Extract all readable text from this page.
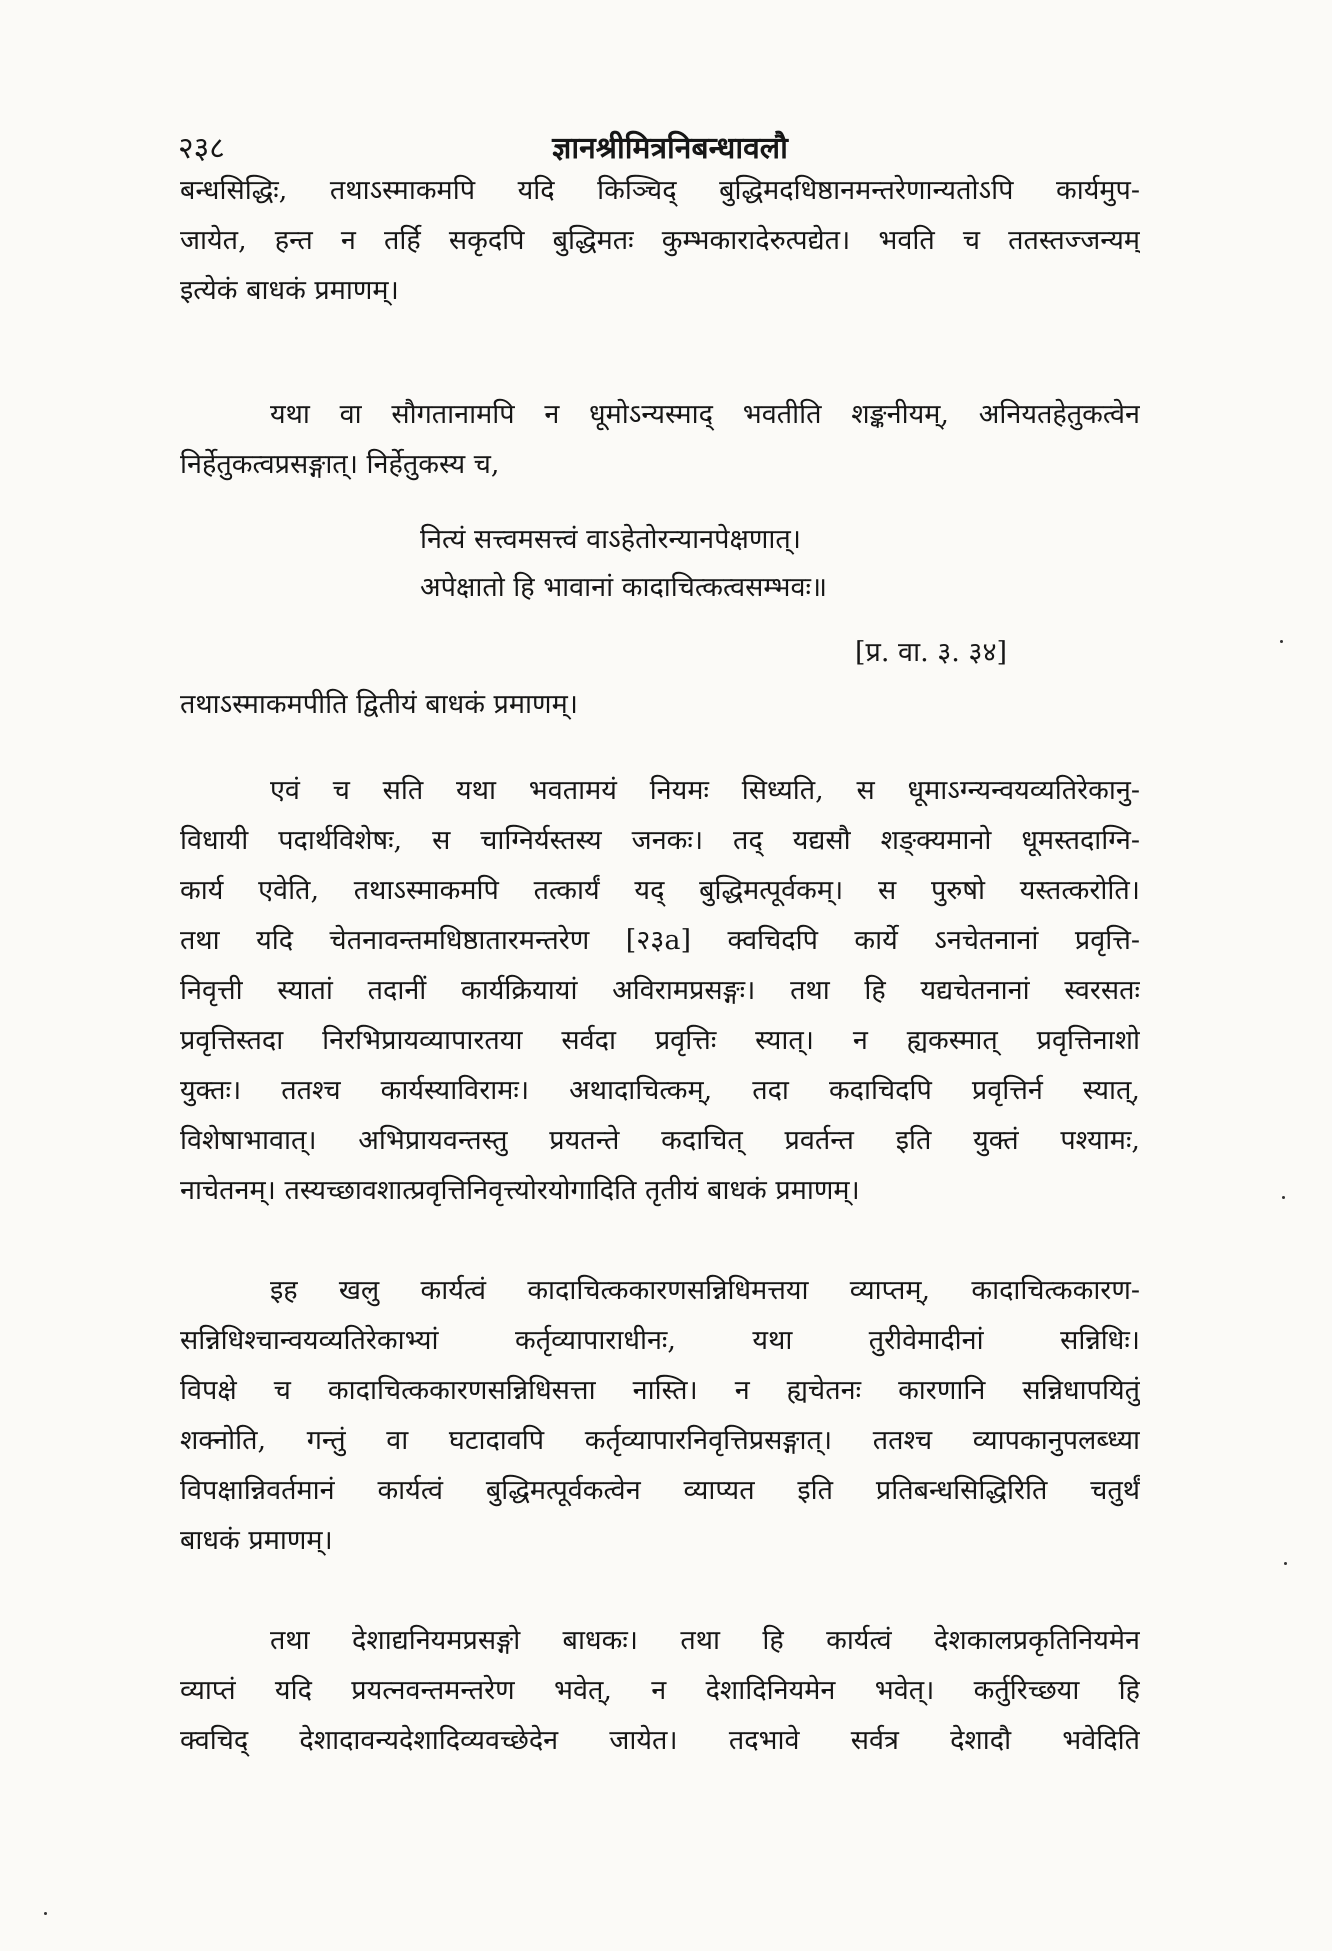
२३८	ज्ञानश्रीमित्रनिबन्धावलौ
बन्धसिद्धिः, तथाऽस्माकमपि यदि किञ्चिद् बुद्धिमदधिष्ठानमन्तरेणान्यतोऽपि कार्यमुप-
जायेत, हन्त न तर्हि सकृदपि बुद्धिमतः कुम्भकारादेरुत्पद्येत। भवति च ततस्तज्जन्यम्
इत्येकं बाधकं प्रमाणम्।
यथा वा सौगतानामपि न धूमोऽन्यस्माद् भवतीति शङ्कनीयम्, अनियतहेतुकत्वेन
निर्हेतुकत्वप्रसङ्गात्। निर्हेतुकस्य च,
नित्यं सत्त्वमसत्त्वं वाऽहेतोरन्यानपेक्षणात्।
अपेक्षातो हि भावानां कादाचित्कत्वसम्भवः॥
[प्र. वा. ३. ३४]
तथाऽस्माकमपीति द्वितीयं बाधकं प्रमाणम्।
एवं च सति यथा भवतामयं नियमः सिध्यति, स धूमाऽग्न्यन्वयव्यतिरेकानु-
विधायी पदार्थविशेषः, स चाग्निर्यस्तस्य जनकः। तद् यद्यसौ शङ्क्यमानो धूमस्तदाग्नि-
कार्य एवेति, तथाऽस्माकमपि तत्कार्यं यद् बुद्धिमत्पूर्वकम्। स पुरुषो यस्तत्करोति।
तथा यदि चेतनावन्तमधिष्ठातारमन्तरेण [२३a] क्वचिदपि कार्ये ऽनचेतनानां प्रवृत्ति-
निवृत्ती स्यातां तदानीं कार्यक्रियायां अविरामप्रसङ्गः। तथा हि यद्यचेतनानां स्वरसतः
प्रवृत्तिस्तदा निरभिप्रायव्यापारतया सर्वदा प्रवृत्तिः स्यात्। न ह्यकस्मात् प्रवृत्तिनाशो
युक्तः। ततश्च कार्यस्याविरामः। अथादाचित्कम्, तदा कदाचिदपि प्रवृत्तिर्न स्यात्,
विशेषाभावात्। अभिप्रायवन्तस्तु प्रयतन्ते कदाचित् प्रवर्तन्त इति युक्तं पश्यामः,
नाचेतनम्। तस्यच्छावशात्प्रवृत्तिनिवृत्त्योरयोगादिति तृतीयं बाधकं प्रमाणम्।
इह खलु कार्यत्वं कादाचित्ककारणसन्निधिमत्तया व्याप्तम्, कादाचित्ककारण-
सन्निधिश्चान्वयव्यतिरेकाभ्यां कर्तृव्यापाराधीनः, यथा तुरीवेमादीनां सन्निधिः।
विपक्षे च कादाचित्ककारणसन्निधिसत्ता नास्ति। न ह्यचेतनः कारणानि सन्निधापयितुं
शक्नोति, गन्तुं वा घटादावपि कर्तृव्यापारनिवृत्तिप्रसङ्गात्। ततश्च व्यापकानुपलब्ध्या
विपक्षान्निवर्तमानं कार्यत्वं बुद्धिमत्पूर्वकत्वेन व्याप्यत इति प्रतिबन्धसिद्धिरिति चतुर्थं
बाधकं प्रमाणम्।
तथा देशाद्यनियमप्रसङ्गो बाधकः। तथा हि कार्यत्वं देशकालप्रकृतिनियमेन
व्याप्तं यदि प्रयत्नवन्तमन्तरेण भवेत्, न देशादिनियमेन भवेत्। कर्तुरिच्छया हि
क्वचिद् देशादावन्यदेशादिव्यवच्छेदेन जायेत। तदभावे सर्वत्र देशादौ भवेदिति
